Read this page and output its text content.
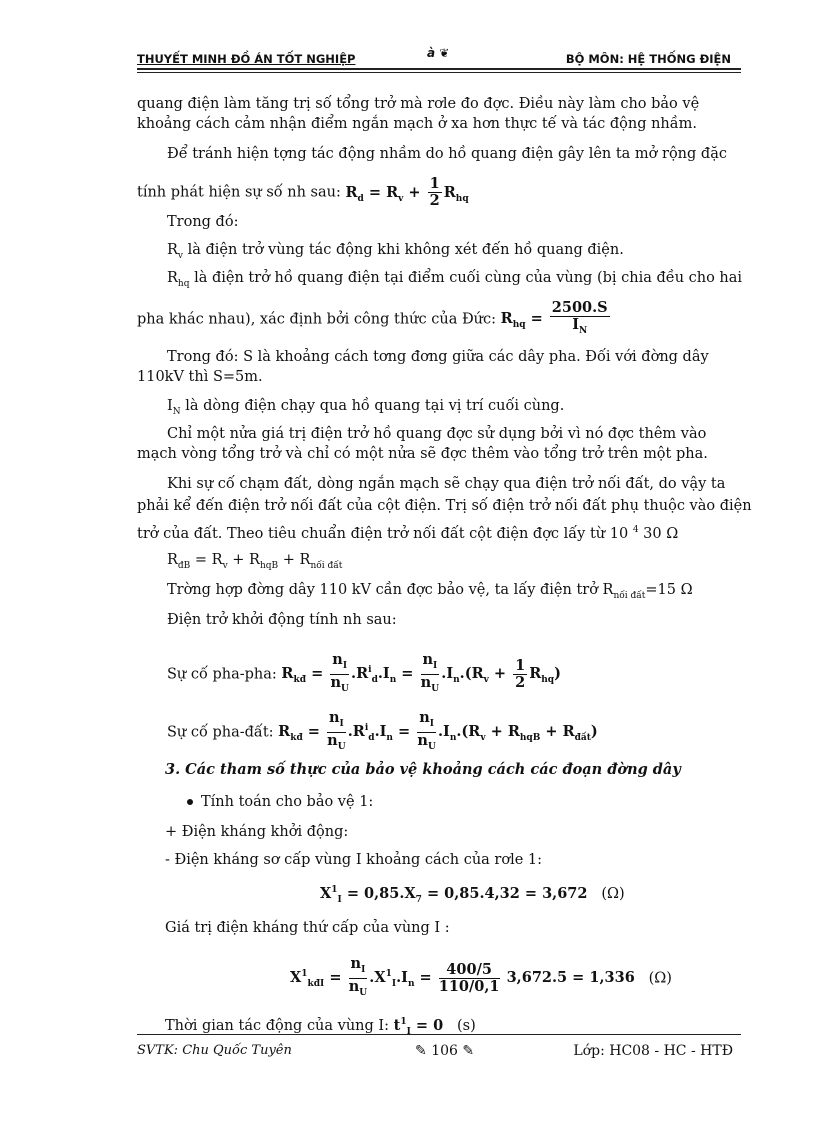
THUYẾT MINH ĐỒ ÁN TỐT NGHIỆP	à ❦	BỘ MÔN: HỆ THỐNG ĐIỆN

quang điện làm tăng trị số tổng trở mà rơle đo đợc. Điều này làm cho bảo vệ

khoảng cách cảm nhận điểm ngắn mạch ở xa hơn thực tế và tác động nhầm.

Để tránh hiện tợng tác động nhầm do hồ quang điện gây lên ta mở rộng đặc

tính phát hiện sự số nh sau: $R_d = R_v + \frac{1}{2} R_{hq}$

Trong đó:

$R_v$ là điện trở vùng tác động khi không xét đến hồ quang điện.

$R_{hq}$ là điện trở hồ quang điện tại điểm cuối cùng của vùng (bị chia đều cho hai

pha khác nhau), xác định bởi công thức của Đức: $R_{hq} = \frac{2500.S}{I_N}$

Trong đó: S là khoảng cách tơng đơng giữa các dây pha. Đối với đờng dây

110kV thì S=5m.

$I_N$ là dòng điện chạy qua hồ quang tại vị trí cuối cùng.

Chỉ một nửa giá trị điện trở hồ quang đợc sử dụng bởi vì nó đợc thêm vào

mạch vòng tổng trở và chỉ có một nửa sẽ đợc thêm vào tổng trở trên một pha.

Khi sự cố chạm đất, dòng ngắn mạch sẽ chạy qua điện trở nối đất, do vậy ta

phải kể đến điện trở nối đất của cột điện. Trị số điện trở nối đất phụ thuộc vào điện

trở của đất. Theo tiêu chuẩn điện trở nối đất cột điện đợc lấy từ 10 $^4$ 30 Ω

$R_{đB} = R_v + R_{hqB} + R_{nối đất}$

Trờng hợp đờng dây 110 kV cần đợc bảo vệ, ta lấy điện trở $R_{nối đất}=15$ Ω

Điện trở khởi động tính nh sau:

Sự cố pha-pha: $R_{kđ} = \frac{n_I}{n_U} .R^i_d.I_n = \frac{n_I}{n_U} .I_n.(R_v + \frac{1}{2} R_{hq})$

Sự cố pha-đất: $R_{kđ} = \frac{n_I}{n_U} .R^i_d.I_n = \frac{n_I}{n_U} .I_n.(R_v + R_{hqB} + R_{đất})$

3. Các tham số thực của bảo vệ khoảng cách các đoạn đờng dây

Tính toán cho bảo vệ 1:

+ Điện kháng khởi động:

- Điện kháng sơ cấp vùng I khoảng cách của rơle 1:

$X^1_I = 0,85.X_7 = 0,85.4,32 = 3,672$ (Ω)

Giá trị điện kháng thứ cấp của vùng I :

$X^1_{kđI} = \frac{n_I}{n_U} .X^1_I.I_n = \frac{400/5}{110/0,1} 3,672.5 = 1,336$ (Ω)

Thời gian tác động của vùng I: $t^1_I = 0$ (s)

SVTK: Chu Quốc Tuyên	✎ 106 ✎	Lớp: HC08 - HC - HTĐ
